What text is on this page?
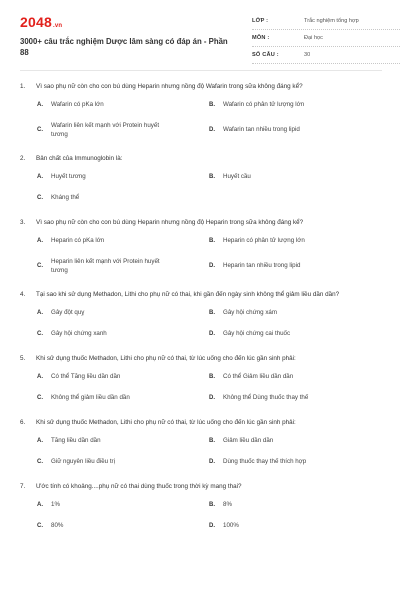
2048.vn
3000+ câu trắc nghiệm Dược lâm sàng có đáp án - Phần 88
LỚP :	Trắc nghiệm tổng hợp
MÔN :	Đại học
SỐ CÂU :	30
1.	Vì sao phụ nữ còn cho con bú dùng Heparin nhưng nồng độ Wafarin trong sữa không đáng kể?
A.	Wafarin có pKa lớn	B.	Wafarin có phân tử lượng lớn
C.
Wafarin liên kết mạnh với Protein huyết tương
D.	Wafarin tan nhiều trong lipid
2.	Bản chất của Immunoglobin là:
A.	Huyết tương	B.	Huyết cầu
C.	Kháng thể
3.	Vì sao phụ nữ còn cho con bú dùng Heparin nhưng nồng độ Heparin trong sữa không đáng kể?
A.	Heparin có pKa lớn	B.	Heparin có phân tử lượng lớn
C.
Heparin liên kết mạnh với Protein huyết tương
D.	Heparin tan nhiều trong lipid
4.	Tại sao khi sử dụng Methadon, Lithi cho phụ nữ có thai, khi gần đến ngày sinh không thể giảm liều dần dần?
A.	Gây đột quỵ	B.	Gây hội chứng xám
C.	Gây hội chứng xanh	D.	Gây hội chứng cai thuốc
5.	Khi sử dụng thuốc Methadon, Lithi cho phụ nữ có thai, từ lúc uống cho đến lúc gần sinh phải:
A.	Có thể Tăng liều dần dần	B.	Có thể Giảm liều dần dần
C.	Không thể giảm liều dần dần	D.	Không thể Dùng thuốc thay thế
6.	Khi sử dụng thuốc Methadon, Lithi cho phụ nữ có thai, từ lúc uống cho đến lúc gần sinh phải:
A.	Tăng liều dần dần	B.	Giảm liều dần dần
C.	Giữ nguyên liều điều trị	D.	Dùng thuốc thay thế thích hợp
7.	Ước tính có khoảng....phụ nữ có thai dùng thuốc trong thời kỳ mang thai?
A.	1%	B.	8%
C.	80%	D.	100%
